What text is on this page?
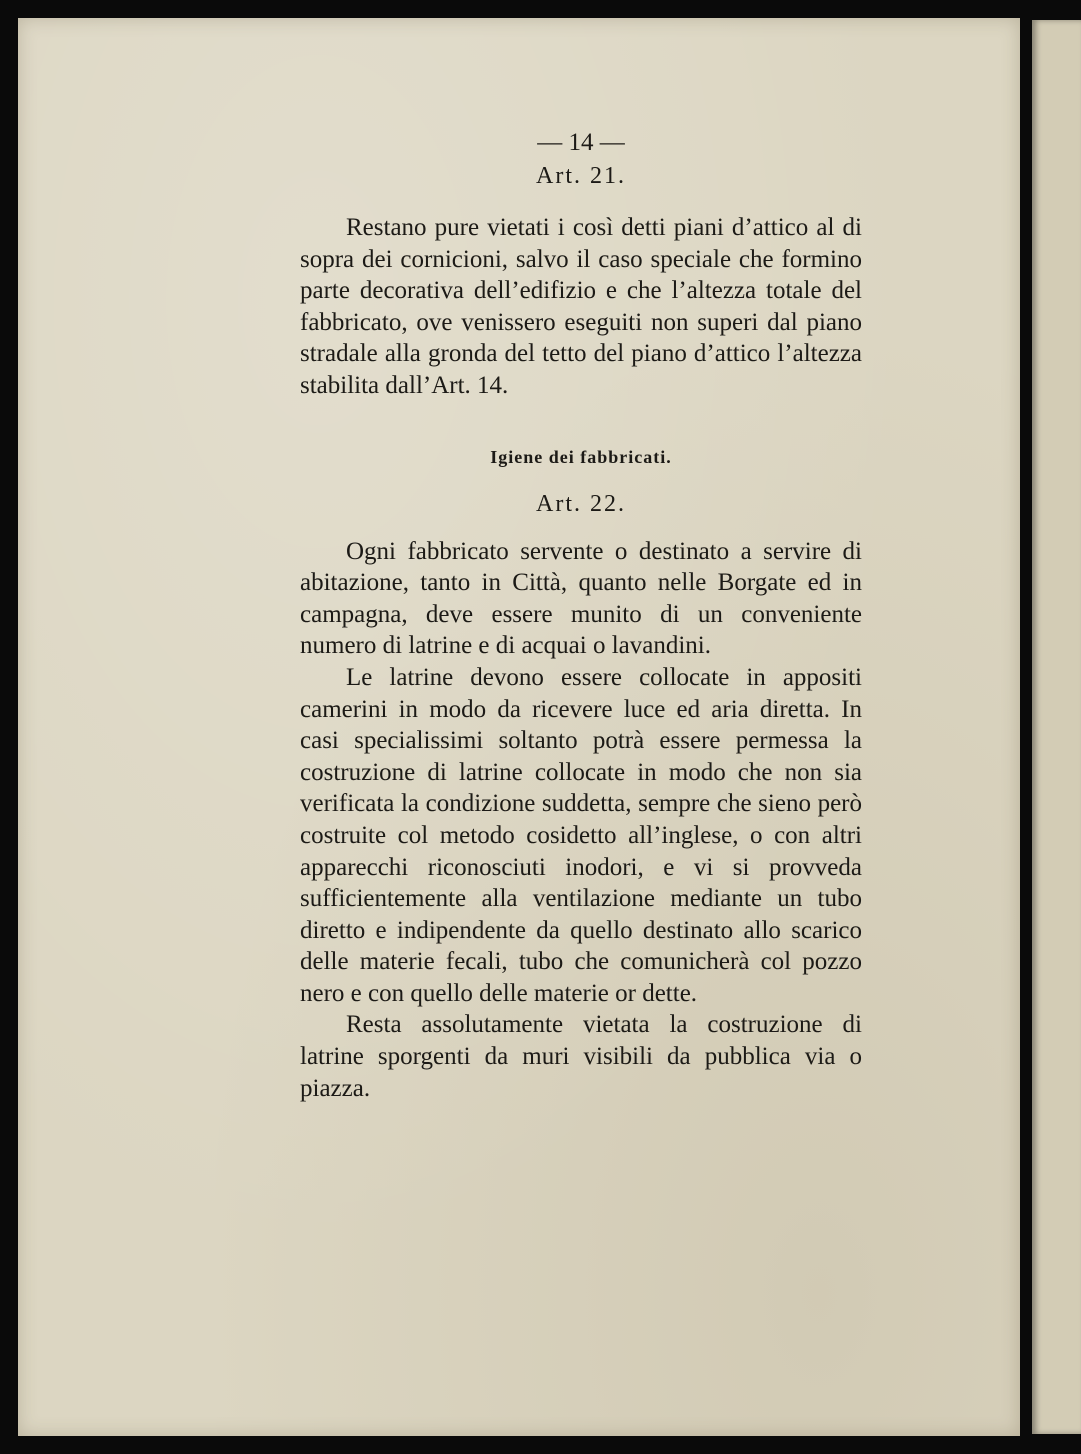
— 14 —
Art. 21.

Restano pure vietati i così detti piani d’attico al di sopra dei cornicioni, salvo il caso speciale che formino parte decorativa dell’edifizio e che l’altezza totale del fabbricato, ove venissero eseguiti non superi dal piano stradale alla gronda del tetto del piano d’attico l’altezza stabilita dall’Art. 14.

Igiene dei fabbricati.
Art. 22.

Ogni fabbricato servente o destinato a servire di abitazione, tanto in Città, quanto nelle Borgate ed in campagna, deve essere munito di un conveniente numero di latrine e di acquai o lavandini.

Le latrine devono essere collocate in appositi camerini in modo da ricevere luce ed aria diretta. In casi specialissimi soltanto potrà essere permessa la costruzione di latrine collocate in modo che non sia verificata la condizione suddetta, sempre che sieno però costruite col metodo cosidetto all’inglese, o con altri apparecchi riconosciuti inodori, e vi si provveda sufficientemente alla ventilazione mediante un tubo diretto e indipendente da quello destinato allo scarico delle materie fecali, tubo che comunicherà col pozzo nero e con quello delle materie or dette.

Resta assolutamente vietata la costruzione di latrine sporgenti da muri visibili da pubblica via o piazza.
